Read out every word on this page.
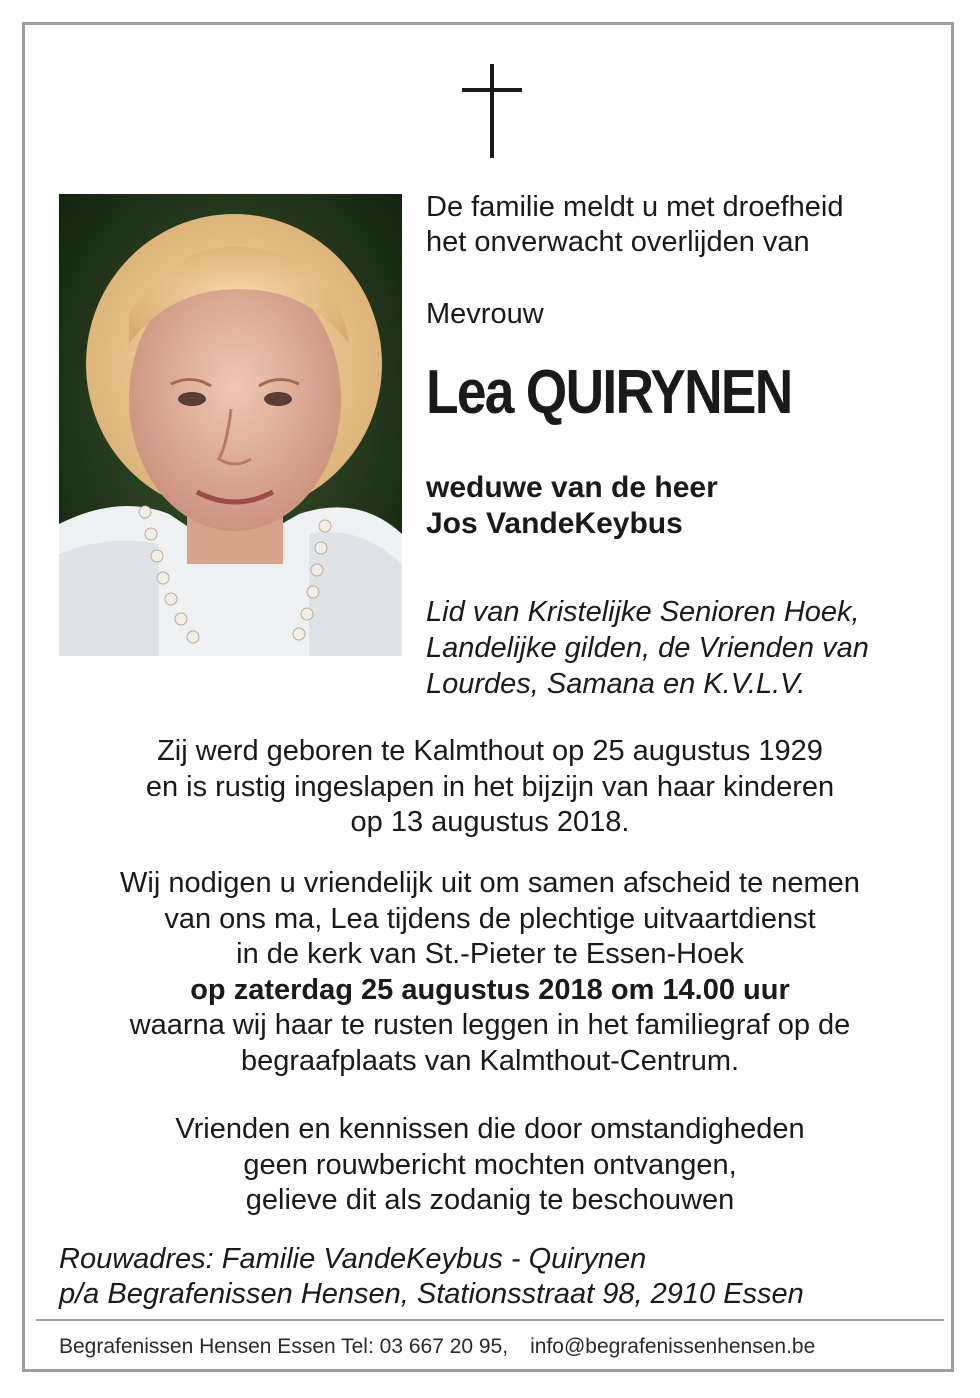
De familie meldt u met droefheid
het onverwacht overlijden van
Mevrouw
Lea QUIRYNEN
weduwe van de heer
Jos VandeKeybus
Lid van Kristelijke Senioren Hoek,
Landelijke gilden, de Vrienden van
Lourdes, Samana en K.V.L.V.
Zij werd geboren te Kalmthout op 25 augustus 1929
en is rustig ingeslapen in het bijzijn van haar kinderen
op 13 augustus 2018.
Wij nodigen u vriendelijk uit om samen afscheid te nemen
van ons ma, Lea tijdens de plechtige uitvaartdienst
in de kerk van St.-Pieter te Essen-Hoek
op zaterdag 25 augustus 2018 om 14.00 uur
waarna wij haar te rusten leggen in het familiegraf op de
begraafplaats van Kalmthout-Centrum.
Vrienden en kennissen die door omstandigheden
geen rouwbericht mochten ontvangen,
gelieve dit als zodanig te beschouwen
Rouwadres: Familie VandeKeybus - Quirynen
p/a Begrafenissen Hensen, Stationsstraat 98, 2910 Essen
Begrafenissen Hensen Essen Tel: 03 667 20 95, info@begrafenissenhensen.be
